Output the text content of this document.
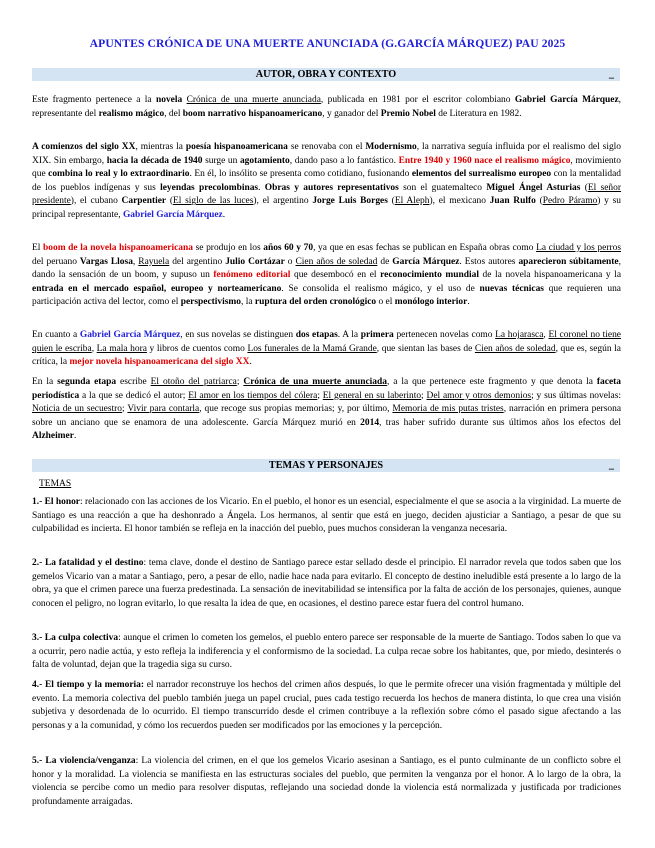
APUNTES CRÓNICA DE UNA MUERTE ANUNCIADA (G.GARCÍA MÁRQUEZ) PAU 2025
AUTOR, OBRA Y CONTEXTO	_

Este fragmento pertenece a la novela Crónica de una muerte anunciada, publicada en 1981 por el escritor colombiano Gabriel García Márquez, representante del realismo mágico, del boom narrativo hispanoamericano, y ganador del Premio Nobel de Literatura en 1982.

A comienzos del siglo XX, mientras la poesía hispanoamericana se renovaba con el Modernismo, la narrativa seguía influida por el realismo del siglo XIX. Sin embargo, hacia la década de 1940 surge un agotamiento, dando paso a lo fantástico. Entre 1940 y 1960 nace el realismo mágico, movimiento que combina lo real y lo extraordinario. En él, lo insólito se presenta como cotidiano, fusionando elementos del surrealismo europeo con la mentalidad de los pueblos indígenas y sus leyendas precolombinas. Obras y autores representativos son el guatemalteco Miguel Ángel Asturias (El señor presidente), el cubano Carpentier (El siglo de las luces), el argentino Jorge Luis Borges (El Aleph), el mexicano Juan Rulfo (Pedro Páramo) y su principal representante, Gabriel García Márquez.

El boom de la novela hispanoamericana se produjo en los años 60 y 70, ya que en esas fechas se publican en España obras como La ciudad y los perros del peruano Vargas Llosa, Rayuela del argentino Julio Cortázar o Cien años de soledad de García Márquez. Estos autores aparecieron súbitamente, dando la sensación de un boom, y supuso un fenómeno editorial que desembocó en el reconocimiento mundial de la novela hispanoamericana y la entrada en el mercado español, europeo y norteamericano. Se consolida el realismo mágico, y el uso de nuevas técnicas que requieren una participación activa del lector, como el perspectivismo, la ruptura del orden cronológico o el monólogo interior.

En cuanto a Gabriel García Márquez, en sus novelas se distinguen dos etapas. A la primera pertenecen novelas como La hojarasca, El coronel no tiene quien le escriba, La mala hora y libros de cuentos como Los funerales de la Mamá Grande, que sientan las bases de Cien años de soledad, que es, según la crítica, la mejor novela hispanoamericana del siglo XX.

En la segunda etapa escribe El otoño del patriarca; Crónica de una muerte anunciada, a la que pertenece este fragmento y que denota la faceta periodística a la que se dedicó el autor; El amor en los tiempos del cólera; El general en su laberinto; Del amor y otros demonios; y sus últimas novelas: Noticia de un secuestro; Vivir para contarla, que recoge sus propias memorias; y, por último, Memoria de mis putas tristes, narración en primera persona sobre un anciano que se enamora de una adolescente. García Márquez murió en 2014, tras haber sufrido durante sus últimos años los efectos del Alzheimer.

TEMAS Y PERSONAJES	_
TEMAS

1.- El honor: relacionado con las acciones de los Vicario. En el pueblo, el honor es un esencial, especialmente el que se asocia a la virginidad. La muerte de Santiago es una reacción a que ha deshonrado a Ángela. Los hermanos, al sentir que está en juego, deciden ajusticiar a Santiago, a pesar de que su culpabilidad es incierta. El honor también se refleja en la inacción del pueblo, pues muchos consideran la venganza necesaria.

2.- La fatalidad y el destino: tema clave, donde el destino de Santiago parece estar sellado desde el principio. El narrador revela que todos saben que los gemelos Vicario van a matar a Santiago, pero, a pesar de ello, nadie hace nada para evitarlo. El concepto de destino ineludible está presente a lo largo de la obra, ya que el crimen parece una fuerza predestinada. La sensación de inevitabilidad se intensifica por la falta de acción de los personajes, quienes, aunque conocen el peligro, no logran evitarlo, lo que resalta la idea de que, en ocasiones, el destino parece estar fuera del control humano.

3.- La culpa colectiva: aunque el crimen lo cometen los gemelos, el pueblo entero parece ser responsable de la muerte de Santiago. Todos saben lo que va a ocurrir, pero nadie actúa, y esto refleja la indiferencia y el conformismo de la sociedad. La culpa recae sobre los habitantes, que, por miedo, desinterés o falta de voluntad, dejan que la tragedia siga su curso.

4.- El tiempo y la memoria: el narrador reconstruye los hechos del crimen años después, lo que le permite ofrecer una visión fragmentada y múltiple del evento. La memoria colectiva del pueblo también juega un papel crucial, pues cada testigo recuerda los hechos de manera distinta, lo que crea una visión subjetiva y desordenada de lo ocurrido. El tiempo transcurrido desde el crimen contribuye a la reflexión sobre cómo el pasado sigue afectando a las personas y a la comunidad, y cómo los recuerdos pueden ser modificados por las emociones y la percepción.

5.- La violencia/venganza: La violencia del crimen, en el que los gemelos Vicario asesinan a Santiago, es el punto culminante de un conflicto sobre el honor y la moralidad. La violencia se manifiesta en las estructuras sociales del pueblo, que permiten la venganza por el honor. A lo largo de la obra, la violencia se percibe como un medio para resolver disputas, reflejando una sociedad donde la violencia está normalizada y justificada por tradiciones profundamente arraigadas.
